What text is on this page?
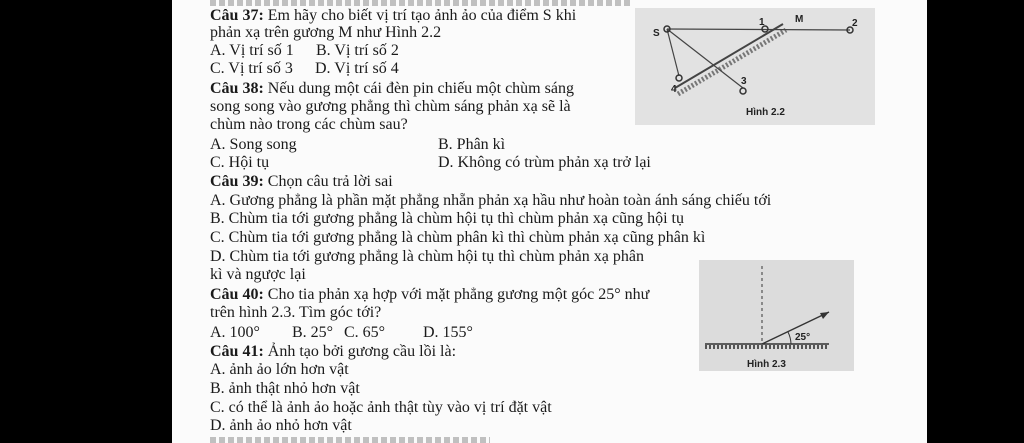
Câu 37: Em hãy cho biết vị trí tạo ảnh ảo của điểm S khi
phản xạ trên gương M như Hình 2.2
A. Vị trí số 1 B. Vị trí số 2
C. Vị trí số 3 D. Vị trí số 4
S
M
1	2
3
4
Hình 2.2
Câu 38: Nếu dung một cái đèn pin chiếu một chùm sáng
song song vào gương phẳng thì chùm sáng phản xạ sẽ là
chùm nào trong các chùm sau?
A. Song song	B. Phân kì
C. Hội tụ	D. Không có trùm phản xạ trở lại
Câu 39: Chọn câu trả lời sai
A. Gương phẳng là phần mặt phẳng nhẵn phản xạ hầu như hoàn toàn ánh sáng chiếu tới
B. Chùm tia tới gương phẳng là chùm hội tụ thì chùm phản xạ cũng hội tụ
C. Chùm tia tới gương phẳng là chùm phân kì thì chùm phản xạ cũng phân kì
D. Chùm tia tới gương phẳng là chùm hội tụ thì chùm phản xạ phân
kì và ngược lại
Câu 40: Cho tia phản xạ hợp với mặt phẳng gương một góc 25° như
trên hình 2.3. Tìm góc tới?
A. 100° B. 25° C. 65° D. 155°	25°
Hình 2.3
Câu 41: Ảnh tạo bởi gương cầu lồi là:
A. ảnh ảo lớn hơn vật
B. ảnh thật nhỏ hơn vật
C. có thể là ảnh ảo hoặc ảnh thật tùy vào vị trí đặt vật
D. ảnh ảo nhỏ hơn vật
